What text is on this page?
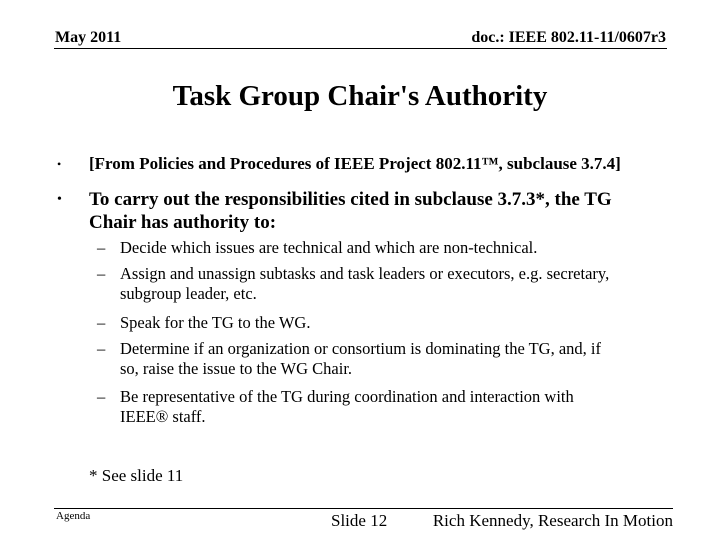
May 2011	doc.: IEEE 802.11-11/0607r3
Task Group Chair's Authority
• [From Policies and Procedures of IEEE Project 802.11™, subclause 3.7.4]
• To carry out the responsibilities cited in subclause 3.7.3*, the TG
Chair has authority to:
– Decide which issues are technical and which are non-technical.
– Assign and unassign subtasks and task leaders or executors, e.g. secretary,
subgroup leader, etc.
– Speak for the TG to the WG.
– Determine if an organization or consortium is dominating the TG, and, if
so, raise the issue to the WG Chair.
– Be representative of the TG during coordination and interaction with
IEEE® staff.
* See slide 11
Agenda	Slide 12	Rich Kennedy, Research In Motion
